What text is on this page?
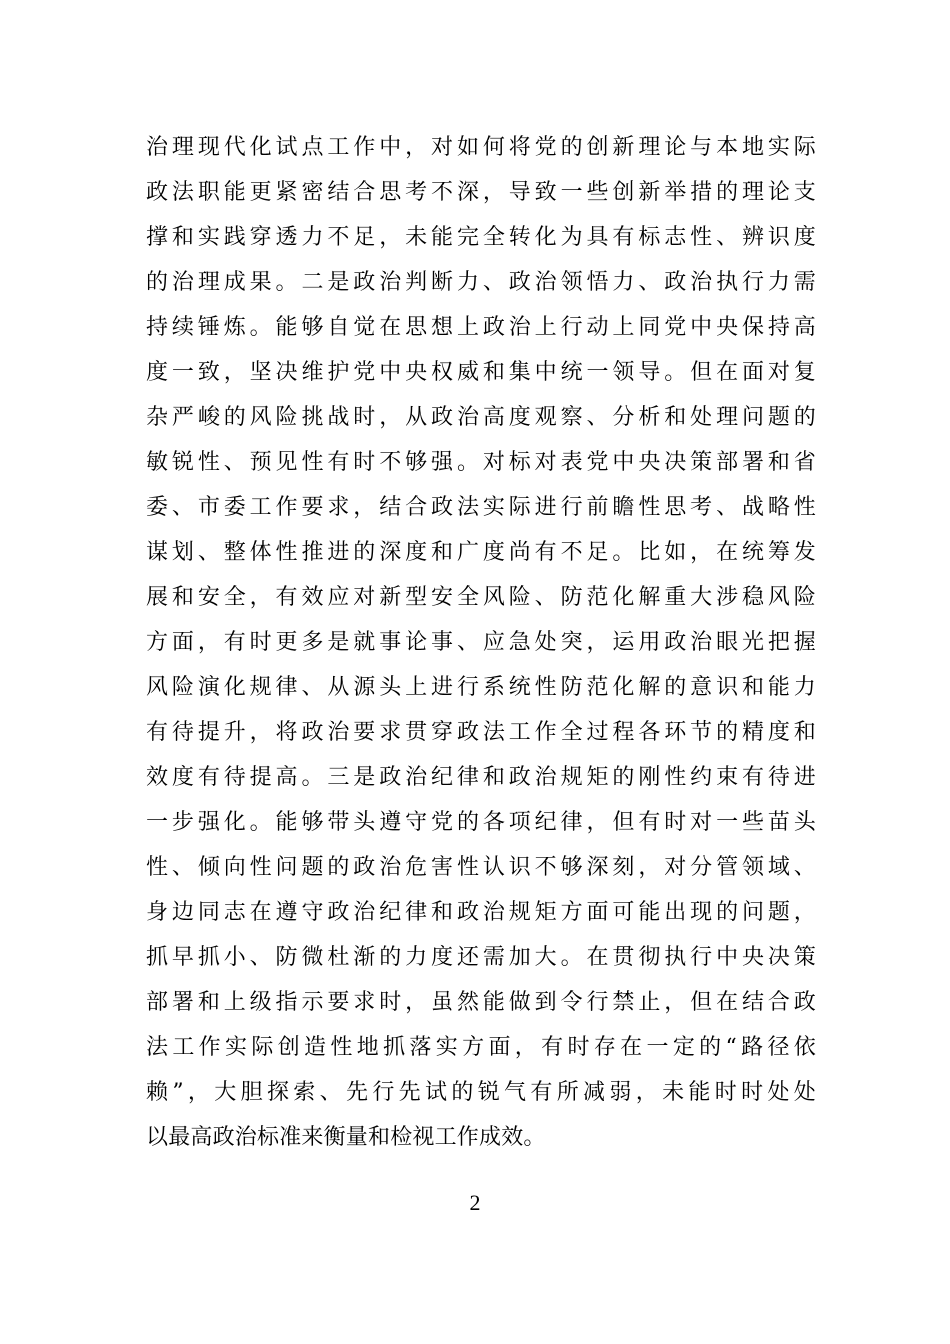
治理现代化试点工作中，对如何将党的创新理论与本地实际
政法职能更紧密结合思考不深，导致一些创新举措的理论支
撑和实践穿透力不足，未能完全转化为具有标志性、辨识度
的治理成果。二是政治判断力、政治领悟力、政治执行力需
持续锤炼。能够自觉在思想上政治上行动上同党中央保持高
度一致，坚决维护党中央权威和集中统一领导。但在面对复
杂严峻的风险挑战时，从政治高度观察、分析和处理问题的
敏锐性、预见性有时不够强。对标对表党中央决策部署和省
委、市委工作要求，结合政法实际进行前瞻性思考、战略性
谋划、整体性推进的深度和广度尚有不足。比如，在统筹发
展和安全，有效应对新型安全风险、防范化解重大涉稳风险
方面，有时更多是就事论事、应急处突，运用政治眼光把握
风险演化规律、从源头上进行系统性防范化解的意识和能力
有待提升，将政治要求贯穿政法工作全过程各环节的精度和
效度有待提高。三是政治纪律和政治规矩的刚性约束有待进
一步强化。能够带头遵守党的各项纪律，但有时对一些苗头
性、倾向性问题的政治危害性认识不够深刻，对分管领域、
身边同志在遵守政治纪律和政治规矩方面可能出现的问题，
抓早抓小、防微杜渐的力度还需加大。在贯彻执行中央决策
部署和上级指示要求时，虽然能做到令行禁止，但在结合政
法工作实际创造性地抓落实方面，有时存在一定的“路径依
赖”，大胆探索、先行先试的锐气有所减弱，未能时时处处
以最高政治标准来衡量和检视工作成效。
2
